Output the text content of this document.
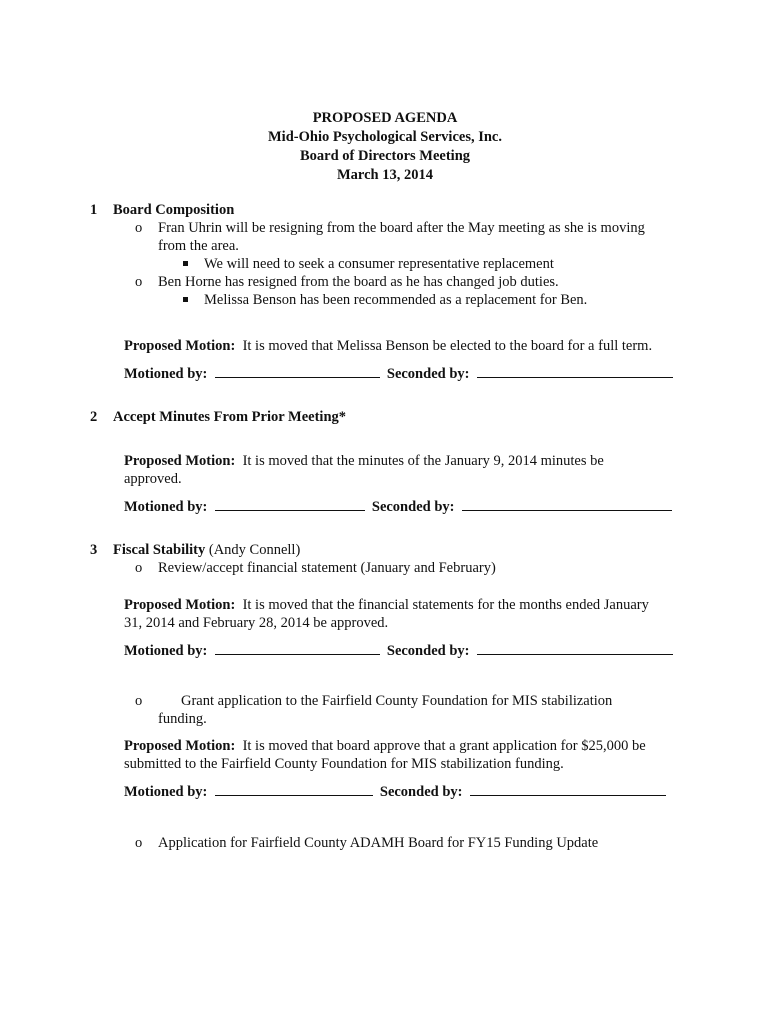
PROPOSED AGENDA
Mid-Ohio Psychological Services, Inc.
Board of Directors Meeting
March 13, 2014
1 Board Composition
o Fran Uhrin will be resigning from the board after the May meeting as she is moving
from the area.
We will need to seek a consumer representative replacement
o Ben Horne has resigned from the board as he has changed job duties.
Melissa Benson has been recommended as a replacement for Ben.
Proposed Motion: It is moved that Melissa Benson be elected to the board for a full term.
Motioned by:	Seconded by:
2 Accept Minutes From Prior Meeting*
Proposed Motion: It is moved that the minutes of the January 9, 2014 minutes be
approved.
Motioned by:	Seconded by:
3 Fiscal Stability (Andy Connell)
o Review/accept financial statement (January and February)
Proposed Motion: It is moved that the financial statements for the months ended January
31, 2014 and February 28, 2014 be approved.
Motioned by:	Seconded by:
o	Grant application to the Fairfield County Foundation for MIS stabilization
funding.
Proposed Motion: It is moved that board approve that a grant application for $25,000 be
submitted to the Fairfield County Foundation for MIS stabilization funding.
Motioned by:	Seconded by:
o Application for Fairfield County ADAMH Board for FY15 Funding Update
